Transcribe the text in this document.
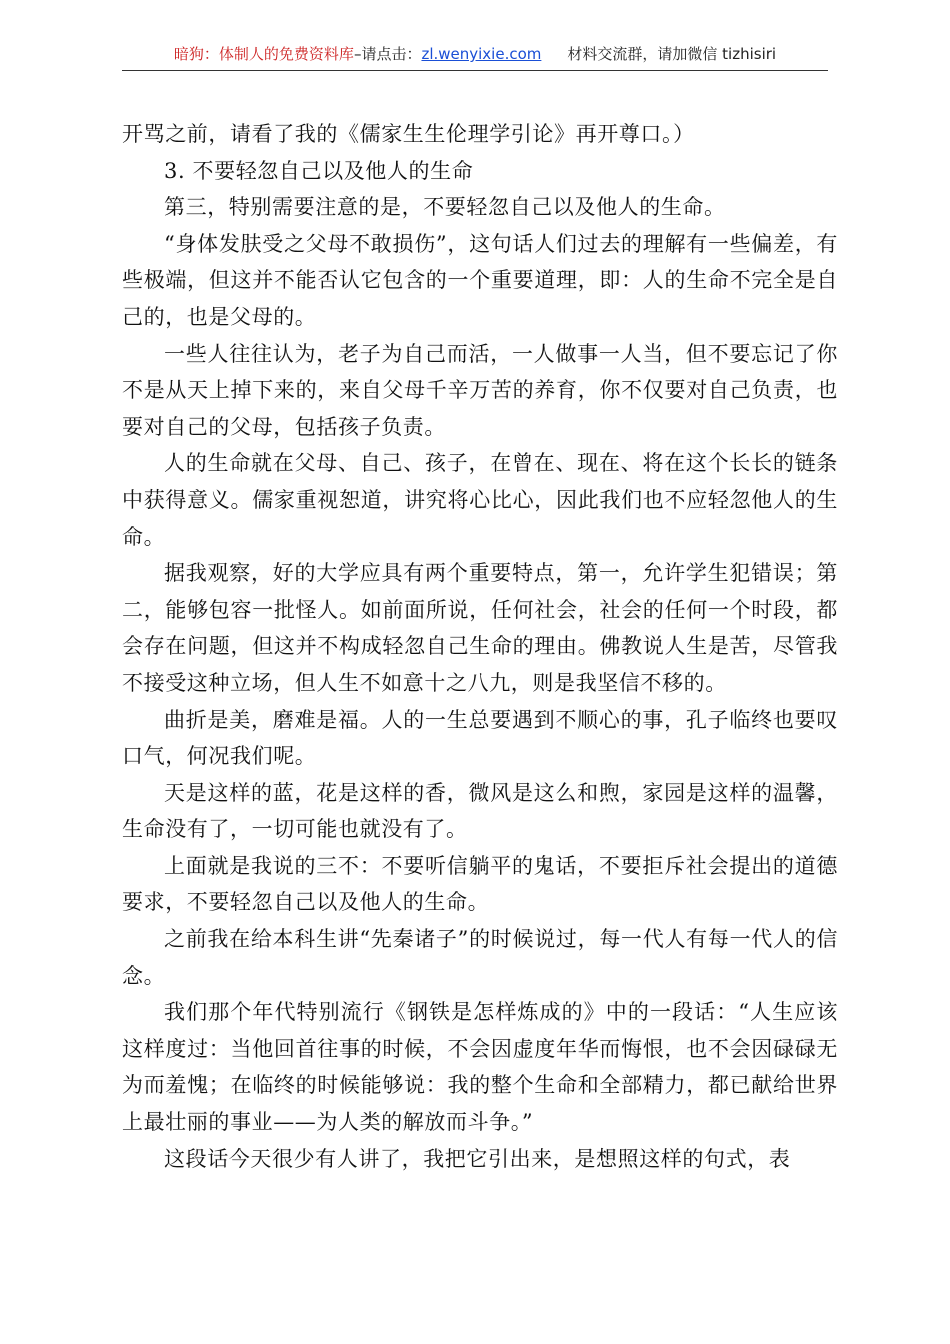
暗狗：体制人的免费资料库–请点击：zl.wenyixie.com 材料交流群，请加微信 tizhisiri

开骂之前，请看了我的《儒家生生伦理学引论》再开尊口。）

3. 不要轻忽自己以及他人的生命

第三，特别需要注意的是，不要轻忽自己以及他人的生命。

“身体发肤受之父母不敢损伤”，这句话人们过去的理解有一些偏差，有些极端，但这并不能否认它包含的一个重要道理，即：人的生命不完全是自己的，也是父母的。

一些人往往认为，老子为自己而活，一人做事一人当，但不要忘记了你不是从天上掉下来的，来自父母千辛万苦的养育，你不仅要对自己负责，也要对自己的父母，包括孩子负责。

人的生命就在父母、自己、孩子，在曾在、现在、将在这个长长的链条中获得意义。儒家重视恕道，讲究将心比心，因此我们也不应轻忽他人的生命。

据我观察，好的大学应具有两个重要特点，第一，允许学生犯错误；第二，能够包容一批怪人。如前面所说，任何社会，社会的任何一个时段，都会存在问题，但这并不构成轻忽自己生命的理由。佛教说人生是苦，尽管我不接受这种立场，但人生不如意十之八九，则是我坚信不移的。

曲折是美，磨难是福。人的一生总要遇到不顺心的事，孔子临终也要叹口气，何况我们呢。

天是这样的蓝，花是这样的香，微风是这么和煦，家园是这样的温馨，生命没有了，一切可能也就没有了。

上面就是我说的三不：不要听信躺平的鬼话，不要拒斥社会提出的道德要求，不要轻忽自己以及他人的生命。

之前我在给本科生讲“先秦诸子”的时候说过，每一代人有每一代人的信念。

我们那个年代特别流行《钢铁是怎样炼成的》中的一段话：“人生应该这样度过：当他回首往事的时候，不会因虚度年华而悔恨，也不会因碌碌无为而羞愧；在临终的时候能够说：我的整个生命和全部精力，都已献给世界上最壮丽的事业——为人类的解放而斗争。”

这段话今天很少有人讲了，我把它引出来，是想照这样的句式，表
